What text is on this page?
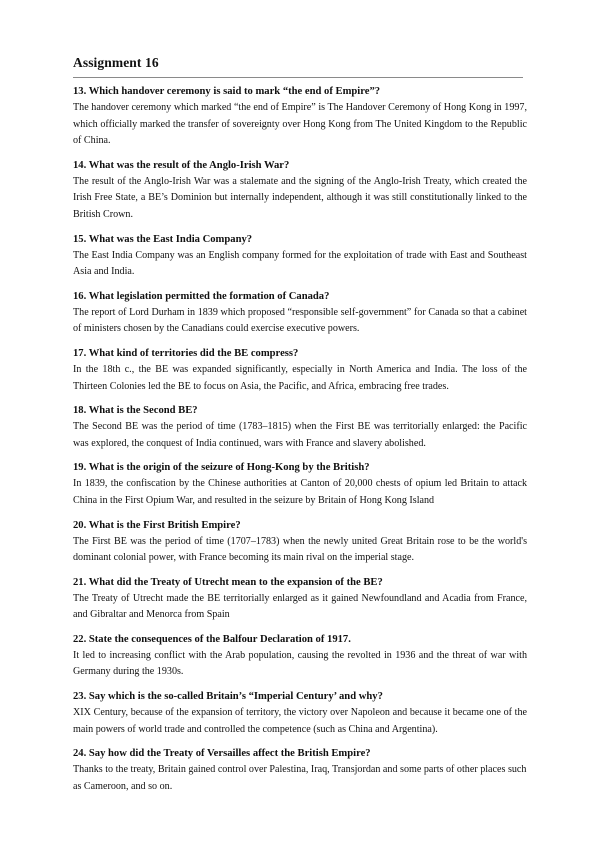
Assignment 16

13. Which handover ceremony is said to mark “the end of Empire”?

The handover ceremony which marked “the end of Empire” is The Handover Ceremony of Hong Kong in 1997, which officially marked the transfer of sovereignty over Hong Kong from The United Kingdom to the Republic of China.

14. What was the result of the Anglo-Irish War?

The result of the Anglo-Irish War was a stalemate and the signing of the Anglo-Irish Treaty, which created the Irish Free State, a BE’s Dominion but internally independent, although it was still constitutionally linked to the British Crown.

15. What was the East India Company?

The East India Company was an English company formed for the exploitation of trade with East and Southeast Asia and India.

16. What legislation permitted the formation of Canada?

The report of Lord Durham in 1839 which proposed “responsible self-government” for Canada so that a cabinet of ministers chosen by the Canadians could exercise executive powers.

17. What kind of territories did the BE compress?

In the 18th c., the BE was expanded significantly, especially in North America and India. The loss of the Thirteen Colonies led the BE to focus on Asia, the Pacific, and Africa, embracing free trades.

18. What is the Second BE?

The Second BE was the period of time (1783–1815) when the First BE was territorially enlarged: the Pacific was explored, the conquest of India continued, wars with France and slavery abolished.

19. What is the origin of the seizure of Hong-Kong by the British?

In 1839, the confiscation by the Chinese authorities at Canton of 20,000 chests of opium led Britain to attack China in the First Opium War, and resulted in the seizure by Britain of Hong Kong Island

20. What is the First British Empire?

The First BE was the period of time (1707–1783) when the newly united Great Britain rose to be the world's dominant colonial power, with France becoming its main rival on the imperial stage.

21. What did the Treaty of Utrecht mean to the expansion of the BE?

The Treaty of Utrecht made the BE territorially enlarged as it gained Newfoundland and Acadia from France, and Gibraltar and Menorca from Spain

22. State the consequences of the Balfour Declaration of 1917.

It led to increasing conflict with the Arab population, causing the revolted in 1936 and the threat of war with Germany during the 1930s.

23. Say which is the so-called Britain’s “Imperial Century’ and why?

XIX Century, because of the expansion of territory, the victory over Napoleon and because it became one of the main powers of world trade and controlled the competence (such as China and Argentina).

24. Say how did the Treaty of Versailles affect the British Empire?

Thanks to the treaty, Britain gained control over Palestina, Iraq, Transjordan and some parts of other places such as Cameroon, and so on.
